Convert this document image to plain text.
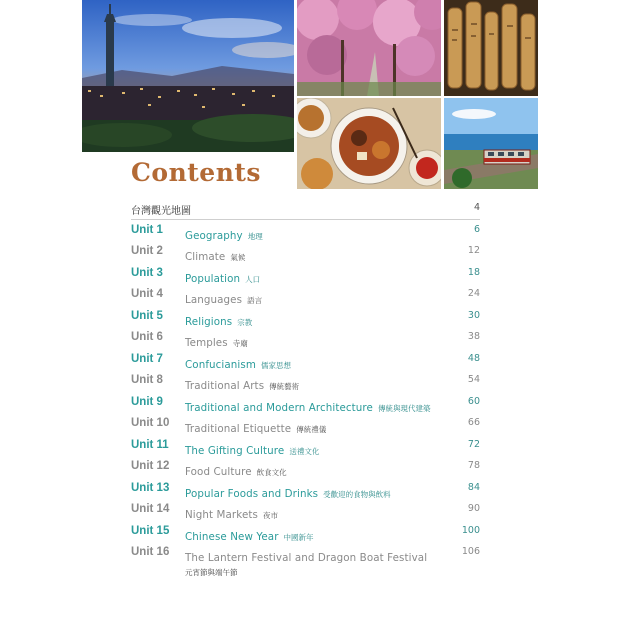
Contents
台灣觀光地圖	4
Unit 1 Geography 地理
6
Unit 2 Climate 氣候
12
Unit 3 Population 人口
18
Unit 4 Languages 語言
24
Unit 5 Religions 宗教
30
Unit 6 Temples 寺廟
38
Unit 7 Confucianism 儒家思想
48
Unit 8 Traditional Arts 傳統藝術
54
Unit 9 Traditional and Modern Architecture 傳統與現代建築
60
Unit 10 Traditional Etiquette 傳統禮儀
66
Unit 11 The Gifting Culture 送禮文化
72
Unit 12 Food Culture 飲食文化
78
Unit 13 Popular Foods and Drinks 受歡迎的食物與飲料
84
Unit 14 Night Markets 夜市
90
Unit 15 Chinese New Year 中國新年
100
Unit 16 The Lantern Festival and Dragon Boat Festival
元宵節與端午節
106
